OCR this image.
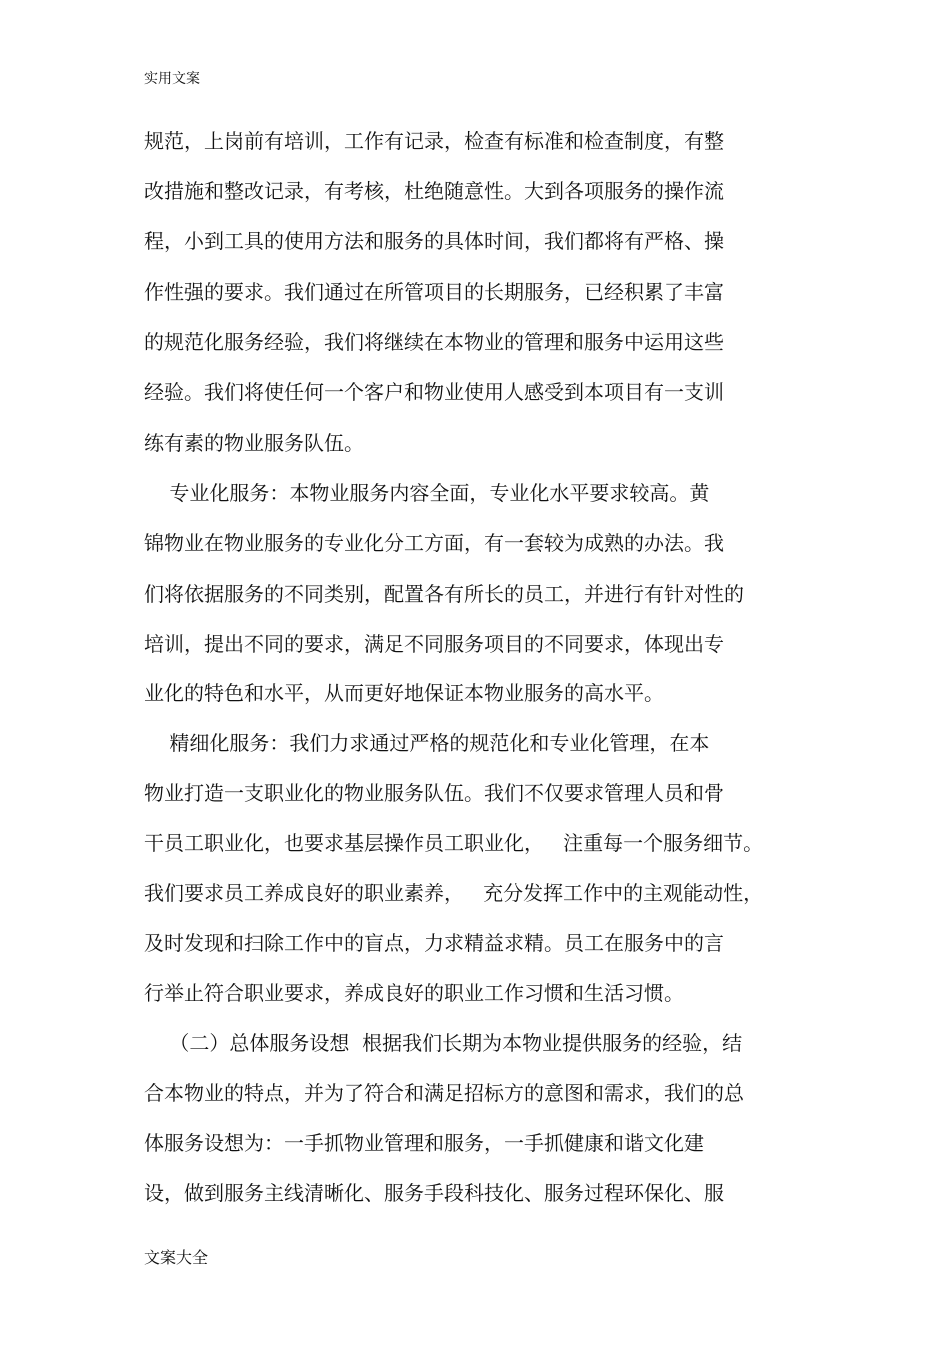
实用文案
规范，上岗前有培训，工作有记录，检查有标准和检查制度，有整
改措施和整改记录，有考核，杜绝随意性。大到各项服务的操作流
程，小到工具的使用方法和服务的具体时间，我们都将有严格、操
作性强的要求。我们通过在所管项目的长期服务，已经积累了丰富
的规范化服务经验，我们将继续在本物业的管理和服务中运用这些
经验。我们将使任何一个客户和物业使用人感受到本项目有一支训
练有素的物业服务队伍。
专业化服务：本物业服务内容全面，专业化水平要求较高。黄
锦物业在物业服务的专业化分工方面，有一套较为成熟的办法。我
们将依据服务的不同类别，配置各有所长的员工，并进行有针对性的
培训，提出不同的要求，满足不同服务项目的不同要求，体现出专
业化的特色和水平，从而更好地保证本物业服务的高水平。
精细化服务：我们力求通过严格的规范化和专业化管理，在本
物业打造一支职业化的物业服务队伍。我们不仅要求管理人员和骨
干员工职业化，也要求基层操作员工职业化，   注重每一个服务细节。
我们要求员工养成良好的职业素养，   充分发挥工作中的主观能动性，
及时发现和扫除工作中的盲点，力求精益求精。员工在服务中的言
行举止符合职业要求，养成良好的职业工作习惯和生活习惯。
（二）总体服务设想  根据我们长期为本物业提供服务的经验，结
合本物业的特点，并为了符合和满足招标方的意图和需求，我们的总
体服务设想为：一手抓物业管理和服务，一手抓健康和谐文化建
设，做到服务主线清晰化、服务手段科技化、服务过程环保化、服
文案大全
